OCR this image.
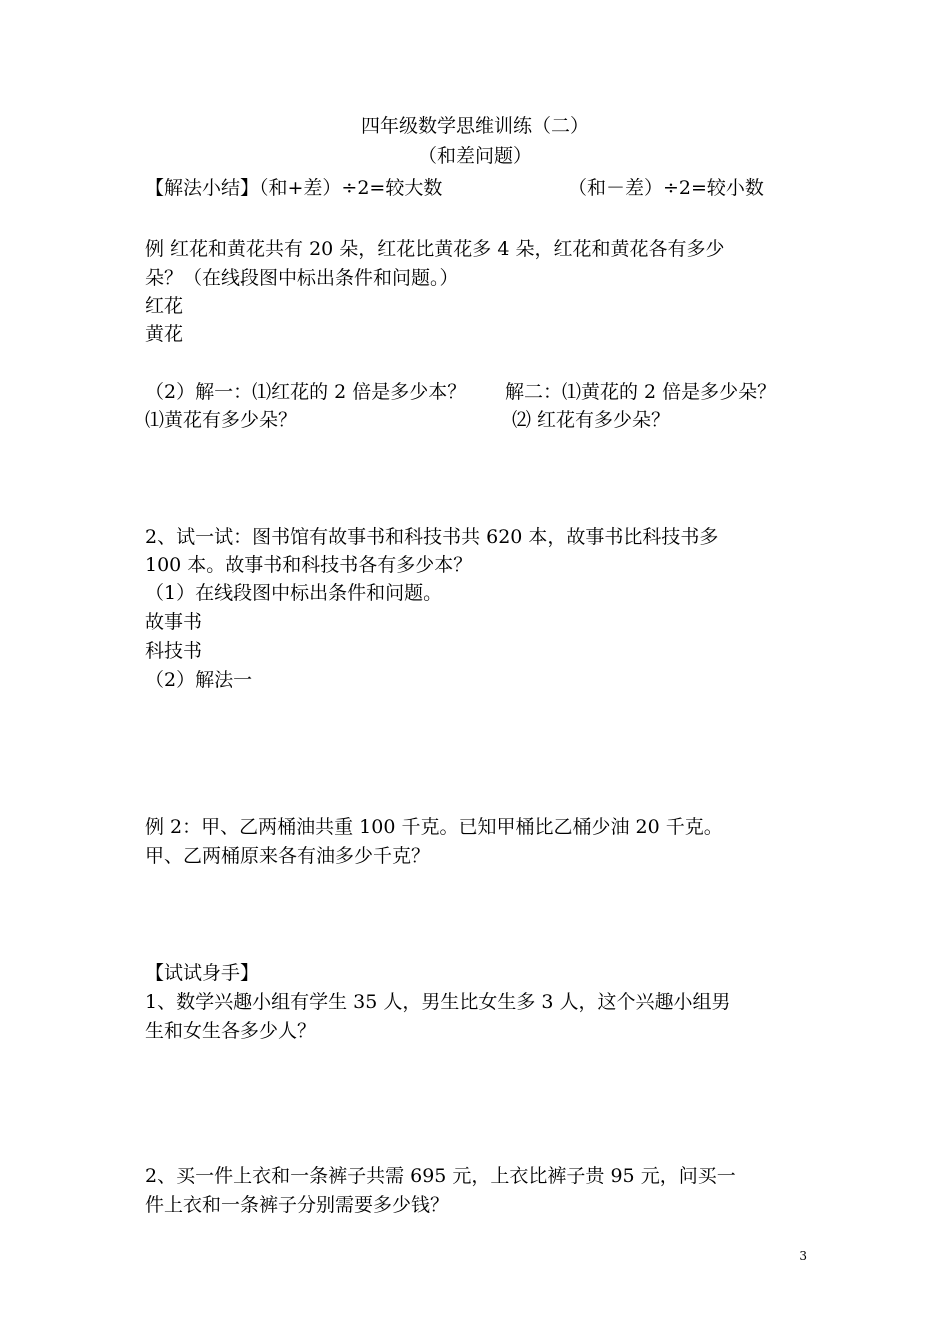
四年级数学思维训练（二）
（和差问题）
【解法小结】（和+差）÷2=较大数	（和－差）÷2=较小数
例 红花和黄花共有 20 朵，红花比黄花多 4 朵，红花和黄花各有多少
朵？（在线段图中标出条件和问题。）
红花
黄花
（2）解一：⑴红花的 2 倍是多少本？ 解二：⑴黄花的 2 倍是多少朵？
⑴黄花有多少朵？	⑵ 红花有多少朵？
2、试一试：图书馆有故事书和科技书共 620 本，故事书比科技书多
100 本。故事书和科技书各有多少本？
（1）在线段图中标出条件和问题。
故事书
科技书
（2）解法一
例 2：甲、乙两桶油共重 100 千克。已知甲桶比乙桶少油 20 千克。
甲、乙两桶原来各有油多少千克？
【试试身手】
1、数学兴趣小组有学生 35 人，男生比女生多 3 人，这个兴趣小组男
生和女生各多少人？
2、买一件上衣和一条裤子共需 695 元，上衣比裤子贵 95 元，问买一
件上衣和一条裤子分别需要多少钱？
3
